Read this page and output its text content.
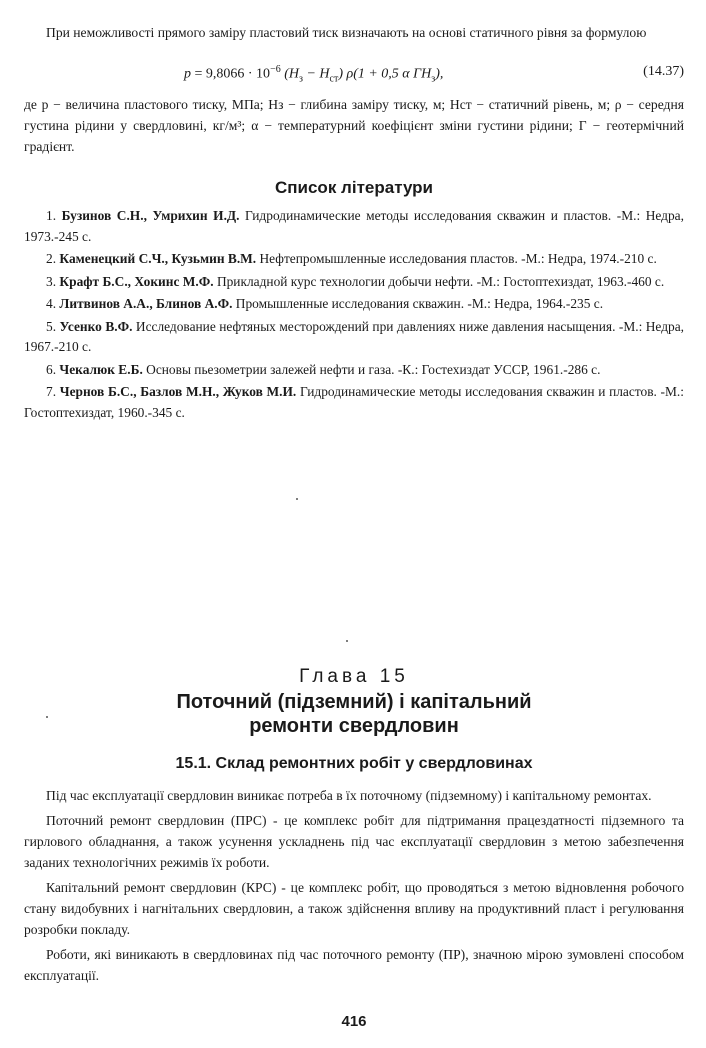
При неможливості прямого заміру пластовий тиск визначають на основі статичного рівня за формулою

$p = 9,8066 \cdot 10^{-6}$ $(H_з - H_{ст}) \rho(1 + 0,5$ α $\Gamma H_з$),	(14.37)

де p − величина пластового тиску, МПа; Hз − глибина заміру тиску, м; Hст − статичний рівень, м; ρ − середня густина рідини у свердловині, кг/м³; α − температурний коефіцієнт зміни густини рідини; Γ − геотермічний градієнт.

Список літератури
1. Бузинов С.Н., Умрихин И.Д. Гидродинамические методы исследования скважин и пластов. -М.: Недра, 1973.-245 с.
2. Каменецкий С.Ч., Кузьмин В.М. Нефтепромышленные исследования пластов. -М.: Недра, 1974.-210 с.
3. Крафт Б.С., Хокинс М.Ф. Прикладной курс технологии добычи нефти. -М.: Гостоптехиздат, 1963.-460 с.
4. Литвинов А.А., Блинов А.Ф. Промышленные исследования скважин. -М.: Недра, 1964.-235 с.
5. Усенко В.Ф. Исследование нефтяных месторождений при давлениях ниже давления насыщения. -М.: Недра, 1967.-210 с.
6. Чекалюк Е.Б. Основы пьезометрии залежей нефти и газа. -К.: Гостехиздат УССР, 1961.-286 с.
7. Чернов Б.С., Базлов М.Н., Жуков М.И. Гидродинамические методы исследования скважин и пластов. -М.: Гостоптехиздат, 1960.-345 с.
Глава 15
Поточний (підземний) і капітальний
ремонти свердловин
15.1. Склад ремонтних робіт у свердловинах

Під час експлуатації свердловин виникає потреба в їх поточному (підземному) і капітальному ремонтах.

Поточний ремонт свердловин (ПРС) - це комплекс робіт для підтримання працездатності підземного та гирлового обладнання, а також усунення ускладнень під час експлуатації свердловин з метою забезпечення заданих технологічних режимів їх роботи.

Капітальний ремонт свердловин (КРС) - це комплекс робіт, що проводяться з метою відновлення робочого стану видобувних і нагнітальних свердловин, а також здійснення впливу на продуктивний пласт і регулювання розробки покладу.

Роботи, які виникають в свердловинах під час поточного ремонту (ПР), значною мірою зумовлені способом експлуатації.

416
